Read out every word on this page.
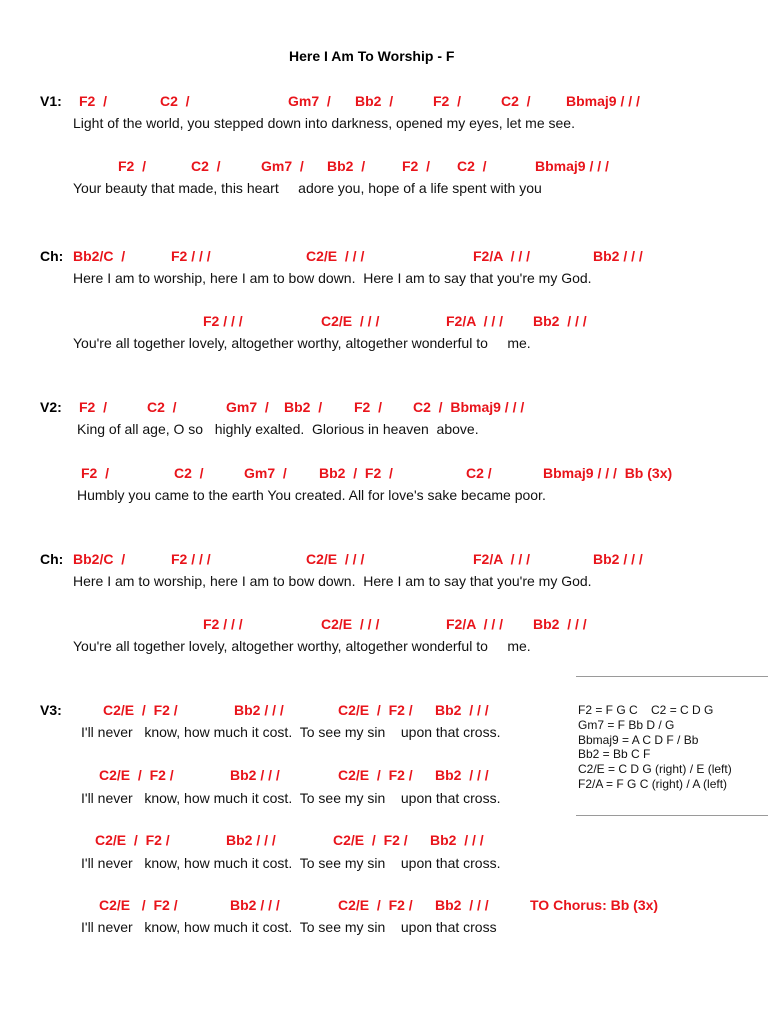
Here I Am To Worship - F
V1: F2  /	C2  /	Gm7  / Bb2  /	F2  /	C2  /	Bbmaj9 / / /
Light of the world, you stepped down into darkness, opened my eyes, let me see.
F2  /	C2  /	Gm7  / Bb2  /	F2  / C2  /	Bbmaj9 / / /
Your beauty that made, this heart     adore you, hope of a life spent with you
Ch: Bb2/C  /	F2 / / /	C2/E  / / /	F2/A  / / /	Bb2 / / /
Here I am to worship, here I am to bow down.  Here I am to say that you're my God.
F2 / / /	C2/E  / / /	F2/A  / / / Bb2  / / /
You're all together lovely, altogether worthy, altogether wonderful to     me.
V2: F2  /	C2  /	Gm7  / Bb2  / F2  / C2  /  Bbmaj9 / / /
King of all age, O so   highly exalted.  Glorious in heaven  above.
F2  /	C2  /	Gm7  / Bb2  /  F2  /	C2 /	Bbmaj9 / / /  Bb (3x)
Humbly you came to the earth You created. All for love's sake became poor.
Ch: Bb2/C  /	F2 / / /	C2/E  / / /	F2/A  / / /	Bb2 / / /
Here I am to worship, here I am to bow down.  Here I am to say that you're my God.
F2 / / /	C2/E  / / /	F2/A  / / / Bb2  / / /
You're all together lovely, altogether worthy, altogether wonderful to     me.
V3:	C2/E  /  F2 /	Bb2 / / /	C2/E  /  F2 / Bb2  / / /
I'll never   know, how much it cost.  To see my sin    upon that cross.
C2/E  /  F2 /	Bb2 / / /	C2/E  /  F2 / Bb2  / / /
I'll never   know, how much it cost.  To see my sin    upon that cross.
C2/E  /  F2 /	Bb2 / / /	C2/E  /  F2 / Bb2  / / /
I'll never   know, how much it cost.  To see my sin    upon that cross.
C2/E   /  F2 /	Bb2 / / /	C2/E  /  F2 / Bb2  / / /	TO Chorus: Bb (3x)
I'll never   know, how much it cost.  To see my sin    upon that cross
F2 = F G C    C2 = C D G
Gm7 = F Bb D / G
Bbmaj9 = A C D F / Bb
Bb2 = Bb C F
C2/E = C D G (right) / E (left)
F2/A = F G C (right) / A (left)
